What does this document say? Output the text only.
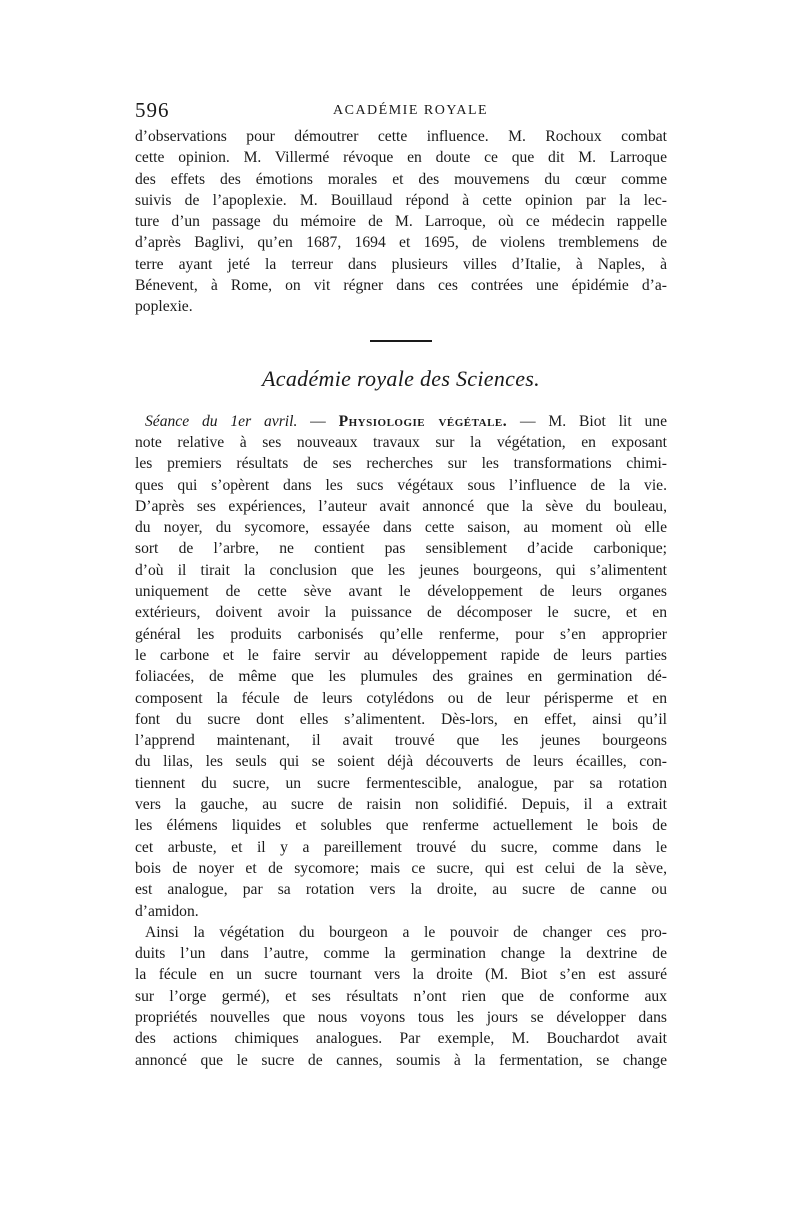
596	ACADÉMIE ROYALE
d’observations pour démoutrer cette influence. M. Rochoux combat
cette opinion. M. Villermé révoque en doute ce que dit M. Larroque
des effets des émotions morales et des mouvemens du cœur comme
suivis de l’apoplexie. M. Bouillaud répond à cette opinion par la lec-
ture d’un passage du mémoire de M. Larroque, où ce médecin rappelle
d’après Baglivi, qu’en 1687, 1694 et 1695, de violens tremblemens de
terre ayant jeté la terreur dans plusieurs villes d’Italie, à Naples, à
Bénevent, à Rome, on vit régner dans ces contrées une épidémie d’a-
poplexie.
Académie royale des Sciences.
Séance du 1er avril. — Physiologie végétale. — M. Biot lit une
note relative à ses nouveaux travaux sur la végétation, en exposant
les premiers résultats de ses recherches sur les transformations chimi-
ques qui s’opèrent dans les sucs végétaux sous l’influence de la vie.
D’après ses expériences, l’auteur avait annoncé que la sève du bouleau,
du noyer, du sycomore, essayée dans cette saison, au moment où elle
sort de l’arbre, ne contient pas sensiblement d’acide carbonique;
d’où il tirait la conclusion que les jeunes bourgeons, qui s’alimentent
uniquement de cette sève avant le développement de leurs organes
extérieurs, doivent avoir la puissance de décomposer le sucre, et en
général les produits carbonisés qu’elle renferme, pour s’en approprier
le carbone et le faire servir au développement rapide de leurs parties
foliacées, de même que les plumules des graines en germination dé-
composent la fécule de leurs cotylédons ou de leur périsperme et en
font du sucre dont elles s’alimentent. Dès-lors, en effet, ainsi qu’il
l’apprend maintenant, il avait trouvé que les jeunes bourgeons
du lilas, les seuls qui se soient déjà découverts de leurs écailles, con-
tiennent du sucre, un sucre fermentescible, analogue, par sa rotation
vers la gauche, au sucre de raisin non solidifié. Depuis, il a extrait
les élémens liquides et solubles que renferme actuellement le bois de
cet arbuste, et il y a pareillement trouvé du sucre, comme dans le
bois de noyer et de sycomore; mais ce sucre, qui est celui de la sève,
est analogue, par sa rotation vers la droite, au sucre de canne ou
d’amidon.
Ainsi la végétation du bourgeon a le pouvoir de changer ces pro-
duits l’un dans l’autre, comme la germination change la dextrine de
la fécule en un sucre tournant vers la droite (M. Biot s’en est assuré
sur l’orge germé), et ses résultats n’ont rien que de conforme aux
propriétés nouvelles que nous voyons tous les jours se développer dans
des actions chimiques analogues. Par exemple, M. Bouchardot avait
annoncé que le sucre de cannes, soumis à la fermentation, se change
